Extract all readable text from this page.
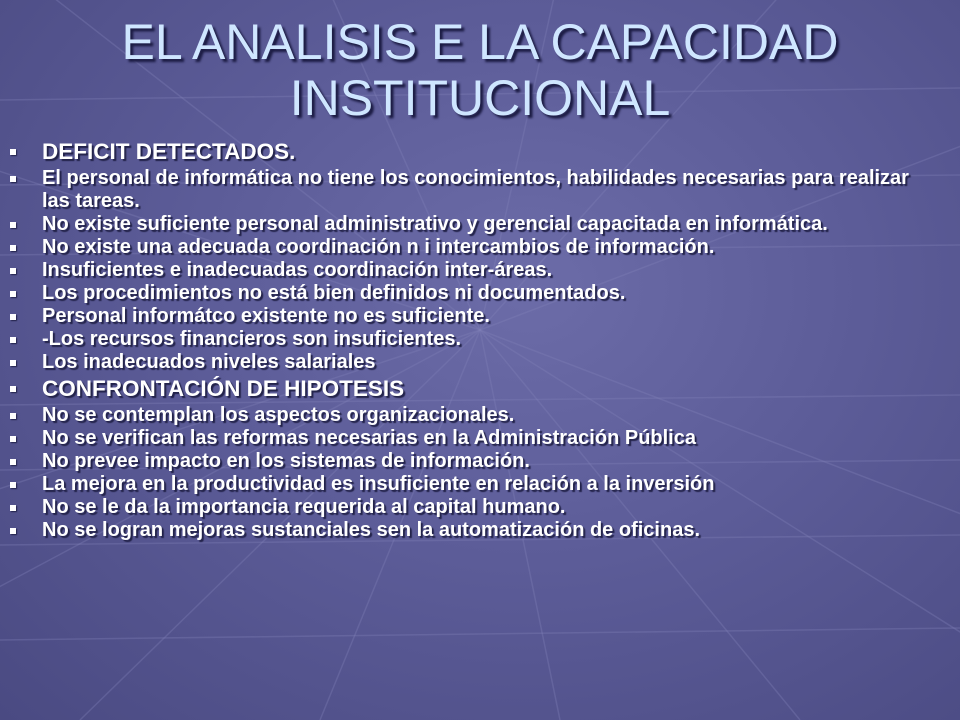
EL ANALISIS E LA CAPACIDAD
INSTITUCIONAL
DEFICIT DETECTADOS.
El personal de informática no tiene los conocimientos, habilidades necesarias para realizar las tareas.
No existe suficiente personal administrativo y gerencial capacitada en informática.
No existe una adecuada coordinación n i intercambios de información.
Insuficientes e inadecuadas coordinación inter-áreas.
Los procedimientos no está bien definidos ni documentados.
Personal informátco existente no es suficiente.
-Los recursos financieros son insuficientes.
Los inadecuados niveles salariales
CONFRONTACIÓN DE HIPOTESIS
No se contemplan los aspectos organizacionales.
No se verifican las reformas necesarias en la Administración Pública
No prevee impacto en los sistemas de información.
La mejora en la productividad es insuficiente en relación a la inversión
No se le da la importancia requerida al capital humano.
No se logran mejoras sustanciales sen la automatización de oficinas.
